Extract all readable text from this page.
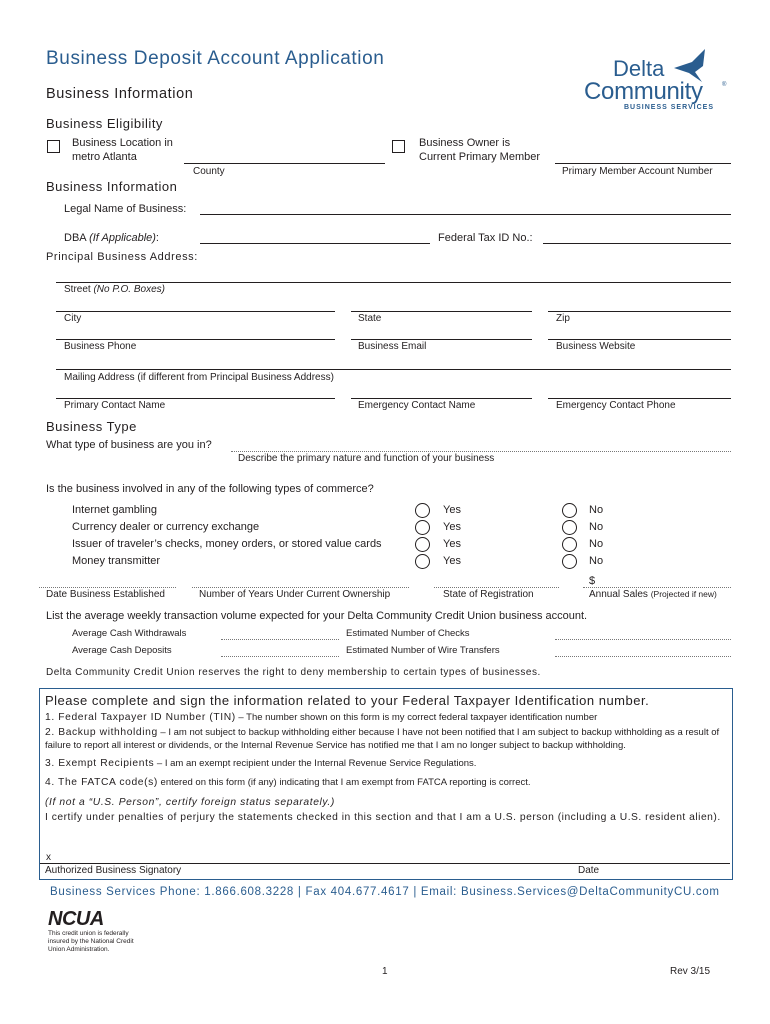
Business Deposit Account Application
Business Information
Delta
Community	®
BUSINESS SERVICES
Business Eligibility
Business Location in
metro Atlanta
County
Business Owner is
Current Primary Member
Primary Member Account Number
Business Information
Legal Name of Business:
DBA (If Applicable):	Federal Tax ID No.:
Principal Business Address:
Street (No P.O. Boxes)
City	State	Zip
Business Phone	Business Email	Business Website
Mailing Address (if different from Principal Business Address)
Primary Contact Name	Emergency Contact Name	Emergency Contact Phone
Business Type
What type of business are you in?
Describe the primary nature and function of your business
Is the business involved in any of the following types of commerce?
Internet gambling	Yes	No
Currency dealer or currency exchange	Yes	No
Issuer of traveler’s checks, money orders, or stored value cards	Yes	No
Money transmitter	Yes	No
$
Date Business Established	Number of Years Under Current Ownership	State of Registration	Annual Sales (Projected if new)
List the average weekly transaction volume expected for your Delta Community Credit Union business account.
Average Cash Withdrawals	Estimated Number of Checks
Average Cash Deposits	Estimated Number of Wire Transfers
Delta Community Credit Union reserves the right to deny membership to certain types of businesses.
Please complete and sign the information related to your Federal Taxpayer Identification number.
1. Federal Taxpayer ID Number (TIN) – The number shown on this form is my correct federal taxpayer identification number
2. Backup withholding – I am not subject to backup withholding either because I have not been notified that I am subject to backup withholding as a result of failure to report all interest or dividends, or the Internal Revenue Service has notified me that I am no longer subject to backup withholding.
3. Exempt Recipients – I am an exempt recipient under the Internal Revenue Service Regulations.
4. The FATCA code(s) entered on this form (if any) indicating that I am exempt from FATCA reporting is correct.
(If not a “U.S. Person”, certify foreign status separately.)
I certify under penalties of perjury the statements checked in this section and that I am a U.S. person (including a U.S. resident alien).
x
Authorized Business Signatory	Date
Business Services Phone: 1.866.608.3228 | Fax 404.677.4617 | Email: Business.Services@DeltaCommunityCU.com
NCUA
This credit union is federally
insured by the National Credit
Union Administration.
1	Rev 3/15
